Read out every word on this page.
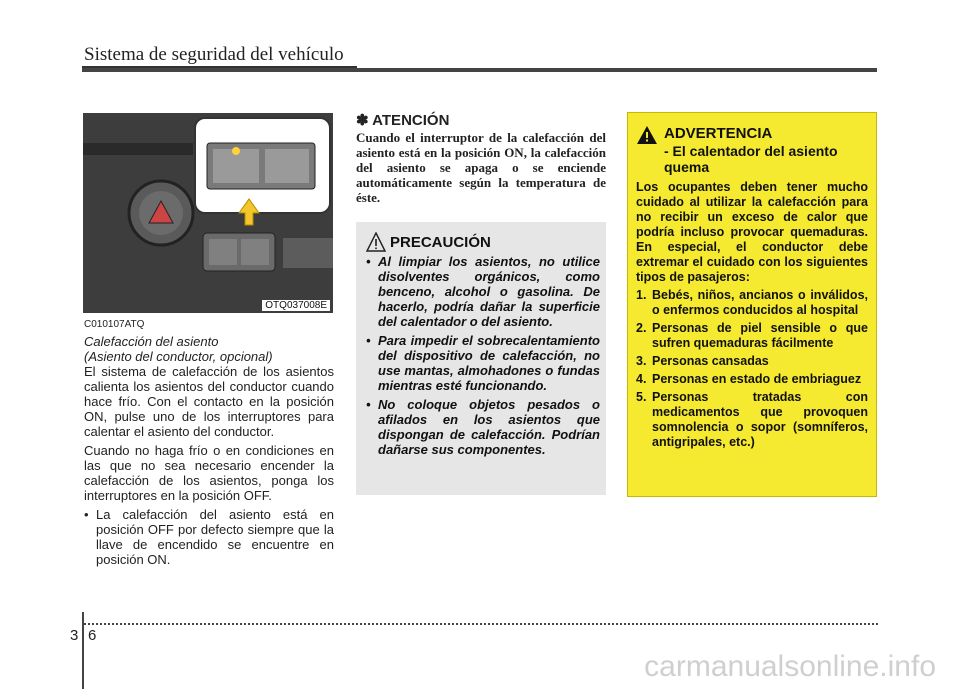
Sistema de seguridad del vehículo
OTQ037008E
C010107ATQ
Calefacción del asiento
(Asiento del conductor, opcional)

El sistema de calefacción de los asientos calienta los asientos del conductor cuando hace frío. Con el contacto en la posición ON, pulse uno de los interruptores para calentar el asiento del conductor.

Cuando no haga frío o en condiciones en las que no sea necesario encender la calefacción de los asientos, ponga los interruptores en la posición OFF.

• La calefacción del asiento está en posición OFF por defecto siempre que la llave de encendido se encuentre en posición ON.
✽ ATENCIÓN
Cuando el interruptor de la calefacción del asiento está en la posición ON, la calefacción del asiento se apaga o se enciende automáticamente según la temperatura de éste.
PRECAUCIÓN
• Al limpiar los asientos, no utilice disolventes orgánicos, como benceno, alcohol o gasolina. De hacerlo, podría dañar la superficie del calentador o del asiento.
• Para impedir el sobrecalentamiento del dispositivo de calefacción, no use mantas, almohadones o fundas mientras esté funcionando.
• No coloque objetos pesados o afilados en los asientos que dispongan de calefacción. Podrían dañarse sus componentes.
ADVERTENCIA
- El calentador del asiento quema

Los ocupantes deben tener mucho cuidado al utilizar la calefacción para no recibir un exceso de calor que podría incluso provocar quemaduras. En especial, el conductor debe extremar el cuidado con los siguientes tipos de pasajeros:

1. Bebés, niños, ancianos o inválidos, o enfermos conducidos al hospital
2. Personas de piel sensible o que sufren quemaduras fácilmente
3. Personas cansadas
4. Personas en estado de embriaguez
5. Personas tratadas con medicamentos que provoquen somnolencia o sopor (somníferos, antigripales, etc.)
3 6
carmanualsonline.info
